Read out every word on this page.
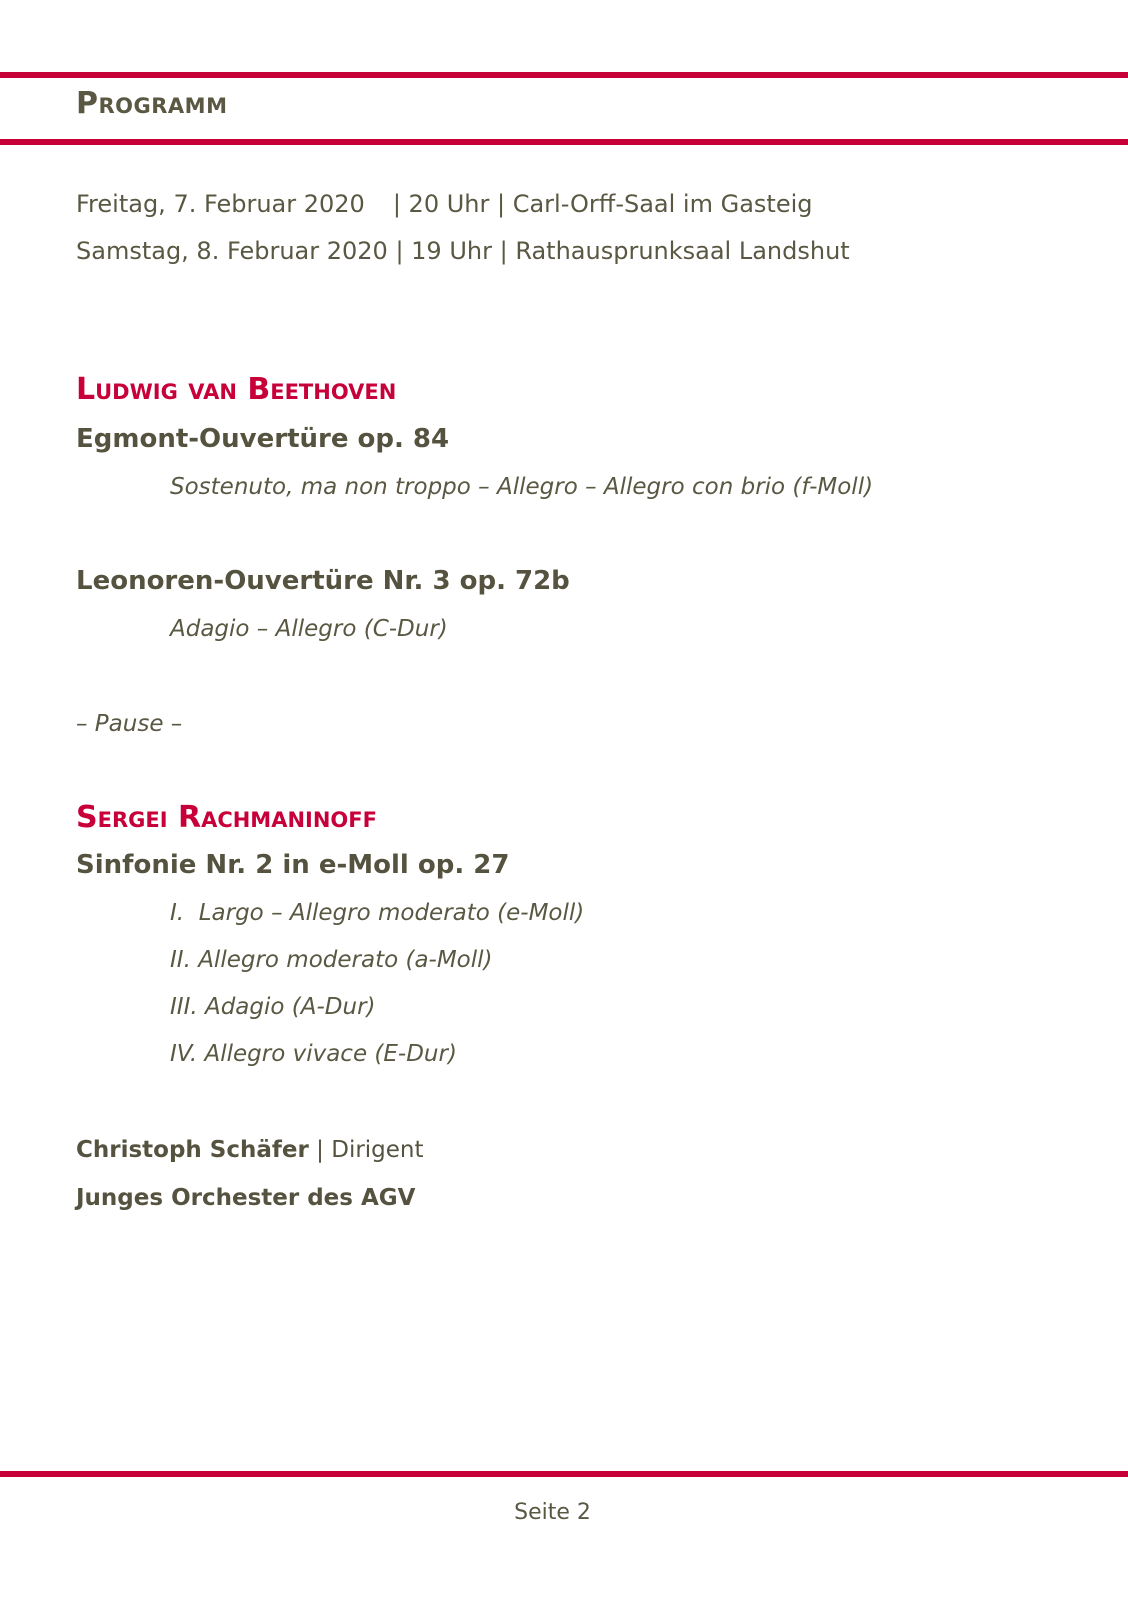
Programm
Freitag, 7. Februar 2020 | 20 Uhr | Carl-Orff-Saal im Gasteig
Samstag, 8. Februar 2020 | 19 Uhr | Rathausprunksaal Landshut
Ludwig van Beethoven
Egmont-Ouvertüre op. 84
Sostenuto, ma non troppo – Allegro – Allegro con brio (f-Moll)
Leonoren-Ouvertüre Nr. 3 op. 72b
Adagio – Allegro (C-Dur)
– Pause –
Sergei Rachmaninoff
Sinfonie Nr. 2 in e-Moll op. 27
I.  Largo – Allegro moderato (e-Moll)
II. Allegro moderato (a-Moll)
III. Adagio (A-Dur)
IV. Allegro vivace (E-Dur)
Christoph Schäfer | Dirigent
Junges Orchester des AGV
Seite 2
